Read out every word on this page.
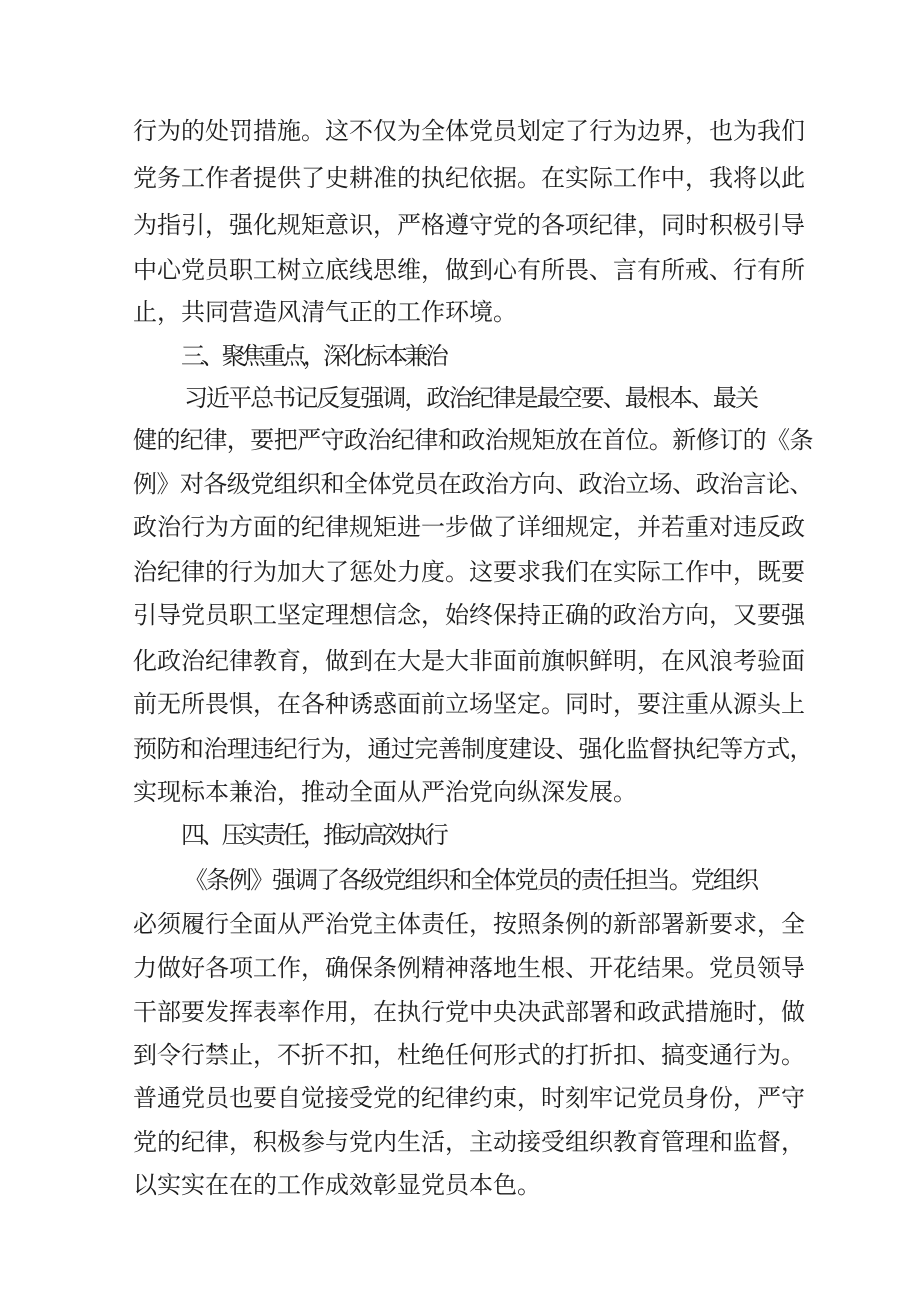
行为的处罚措施。这不仅为全体党员划定了行为边界，也为我们
党务工作者提供了史耕准的执纪依据。在实际工作中，我将以此
为指引，强化规矩意识，严格遵守党的各项纪律，同时积极引导
中心党员职工树立底线思维，做到心有所畏、言有所戒、行有所
止，共同营造风清气正的工作环境。
三、聚焦重点，深化标本兼治
习近平总书记反复强调，政治纪律是最空要、最根本、最关
健的纪律，要把严守政治纪律和政治规矩放在首位。新修订的《条
例》对各级党组织和全体党员在政治方向、政治立场、政治言论、
政治行为方面的纪律规矩进一步做了详细规定，并若重对违反政
治纪律的行为加大了惩处力度。这要求我们在实际工作中，既要
引导党员职工坚定理想信念，始终保持正确的政治方向，又要强
化政治纪律教育，做到在大是大非面前旗帜鲜明，在风浪考验面
前无所畏惧，在各种诱惑面前立场坚定。同时，要注重从源头上
预防和治理违纪行为，通过完善制度建设、强化监督执纪等方式，
实现标本兼治，推动全面从严治党向纵深发展。
四、压实责任，推动高效执行
《条例》强调了各级党组织和全体党员的责任担当。党组织
必须履行全面从严治党主体责任，按照条例的新部署新要求，全
力做好各项工作，确保条例精神落地生根、开花结果。党员领导
干部要发挥表率作用，在执行党中央决武部署和政武措施时，做
到令行禁止，不折不扣，杜绝任何形式的打折扣、搞变通行为。
普通党员也要自觉接受党的纪律约束，时刻牢记党员身份，严守
党的纪律，积极参与党内生活，主动接受组织教育管理和监督，
以实实在在的工作成效彰显党员本色。
